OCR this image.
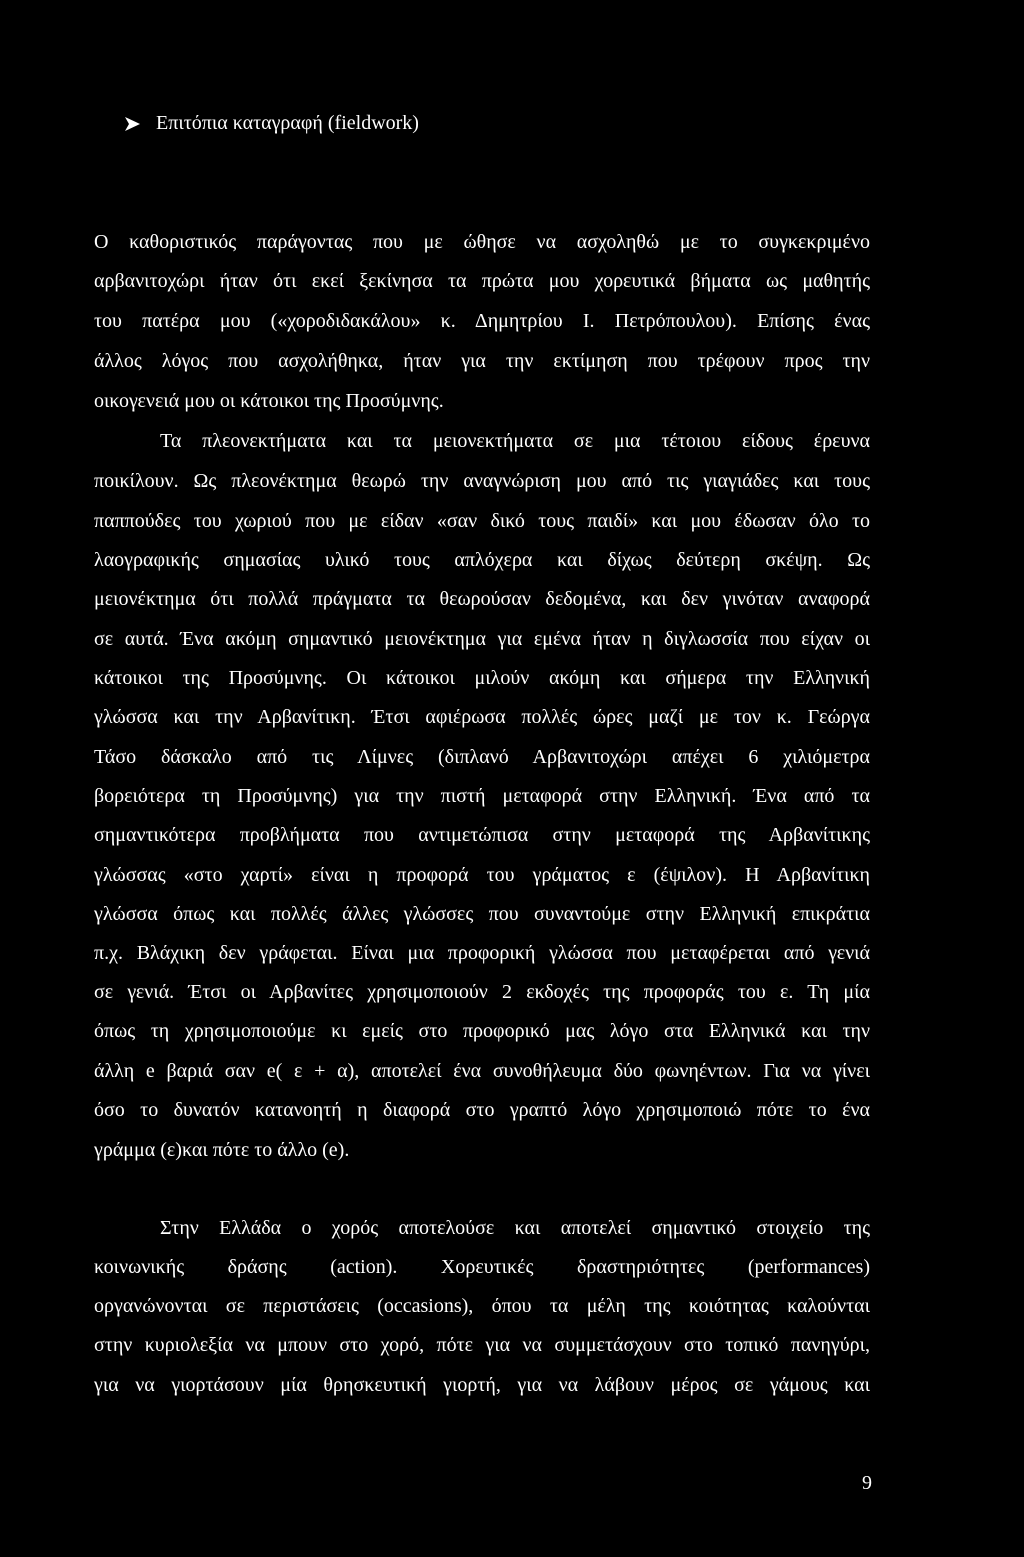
Επιτόπια καταγραφή (fieldwork)
Ο καθοριστικός παράγοντας που με ώθησε να ασχοληθώ με το συγκεκριμένο
αρβανιτοχώρι ήταν ότι εκεί ξεκίνησα τα πρώτα μου χορευτικά βήματα ως μαθητής
του πατέρα μου («χοροδιδακάλου» κ. Δημητρίου Ι. Πετρόπουλου). Επίσης ένας
άλλος λόγος που ασχολήθηκα, ήταν για την εκτίμηση που τρέφουν προς την
οικογενειά μου οι κάτοικοι της Προσύμνης.
Τα πλεονεκτήματα και τα μειονεκτήματα σε μια τέτοιου είδους έρευνα
ποικίλουν. Ως πλεονέκτημα θεωρώ την αναγνώριση μου από τις γιαγιάδες και τους
παππούδες του χωριού που με είδαν «σαν δικό τους παιδί» και μου έδωσαν όλο το
λαογραφικής σημασίας υλικό τους απλόχερα και δίχως δεύτερη σκέψη. Ως
μειονέκτημα ότι πολλά πράγματα τα θεωρούσαν δεδομένα, και δεν γινόταν αναφορά
σε αυτά. Ένα ακόμη σημαντικό μειονέκτημα για εμένα ήταν η διγλωσσία που είχαν οι
κάτοικοι της Προσύμνης. Οι κάτοικοι μιλούν ακόμη και σήμερα την Ελληνική
γλώσσα και την Αρβανίτικη. Έτσι αφιέρωσα πολλές ώρες μαζί με τον κ. Γεώργα
Τάσο δάσκαλο από τις Λίμνες (διπλανό Αρβανιτοχώρι απέχει 6 χιλιόμετρα
βορειότερα τη Προσύμνης) για την πιστή μεταφορά στην Ελληνική. Ένα από τα
σημαντικότερα προβλήματα που αντιμετώπισα στην μεταφορά της Αρβανίτικης
γλώσσας «στο χαρτί» είναι η προφορά του γράματος ε (έψιλον). Η Αρβανίτικη
γλώσσα όπως και πολλές άλλες γλώσσες που συναντούμε στην Ελληνική επικράτια
π.χ. Βλάχικη δεν γράφεται. Είναι μια προφορική γλώσσα που μεταφέρεται από γενιά
σε γενιά. Έτσι οι Αρβανίτες χρησιμοποιούν 2 εκδοχές της προφοράς του ε. Τη μία
όπως τη χρησιμοποιούμε κι εμείς στο προφορικό μας λόγο στα Ελληνικά και την
άλλη e βαριά σαν e( ε + α), αποτελεί ένα συνοθήλευμα δύο φωνηέντων. Για να γίνει
όσο το δυνατόν κατανοητή η διαφορά στο γραπτό λόγο χρησιμοποιώ πότε το ένα
γράμμα (ε)και πότε το άλλο (e).
Στην Ελλάδα ο χορός αποτελούσε και αποτελεί σημαντικό στοιχείο της
κοινωνικής δράσης (action). Χορευτικές δραστηριότητες (performances)
οργανώνονται σε περιστάσεις (occasions), όπου τα μέλη της κοιότητας καλούνται
στην κυριολεξία να μπουν στο χορό, πότε για να συμμετάσχουν στο τοπικό πανηγύρι,
για να γιορτάσουν μία θρησκευτική γιορτή, για να λάβουν μέρος σε γάμους και
9
